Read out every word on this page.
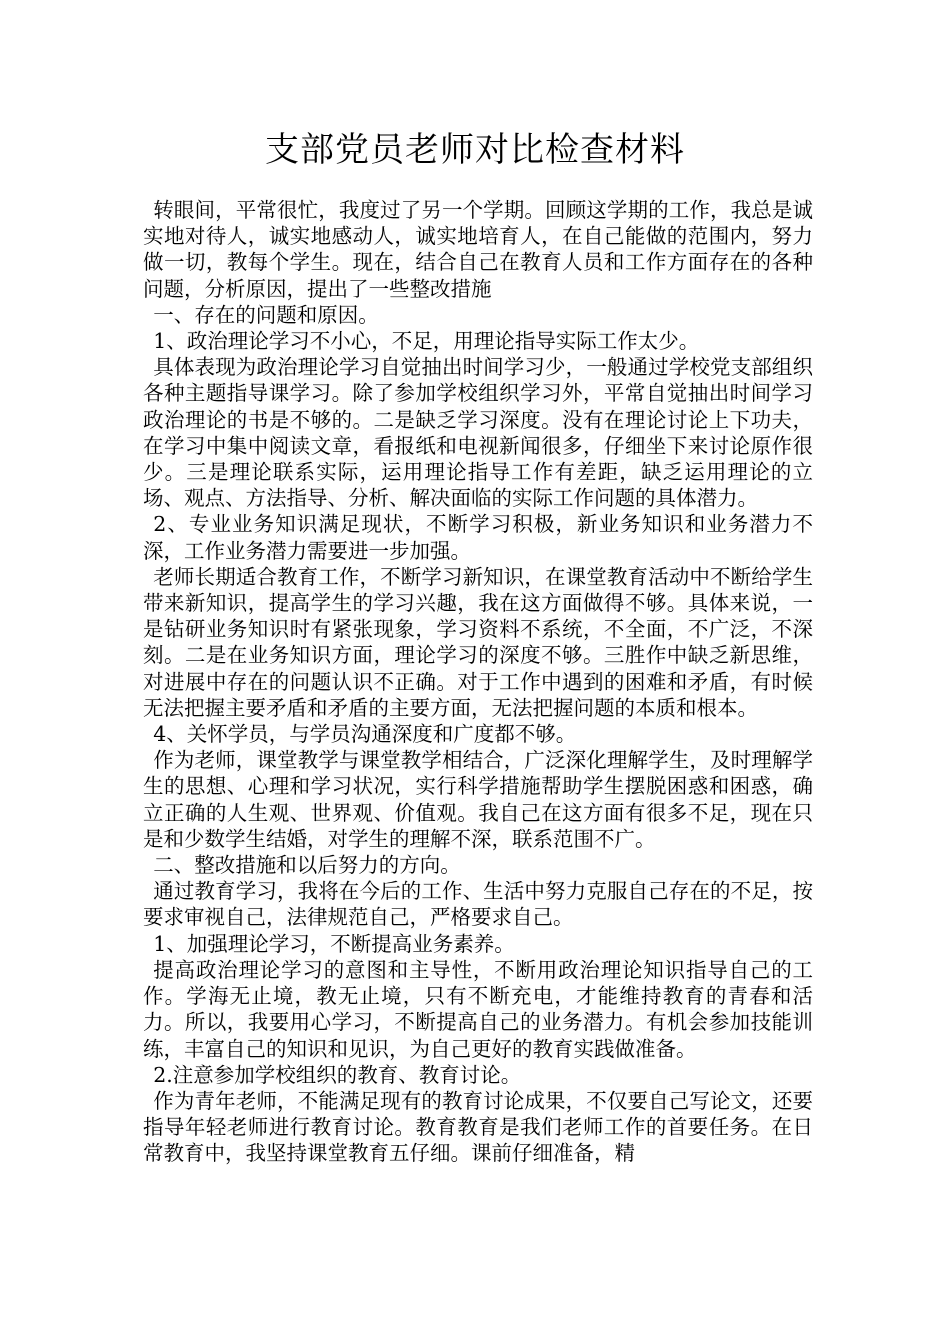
支部党员老师对比检查材料

转眼间，平常很忙，我度过了另一个学期。回顾这学期的工作，我总是诚实地对待人，诚实地感动人，诚实地培育人，在自己能做的范围内，努力做一切，教每个学生。现在，结合自己在教育人员和工作方面存在的各种问题，分析原因，提出了一些整改措施

一、存在的问题和原因。

1、政治理论学习不小心，不足，用理论指导实际工作太少。

具体表现为政治理论学习自觉抽出时间学习少，一般通过学校党支部组织各种主题指导课学习。除了参加学校组织学习外，平常自觉抽出时间学习政治理论的书是不够的。二是缺乏学习深度。没有在理论讨论上下功夫，在学习中集中阅读文章，看报纸和电视新闻很多，仔细坐下来讨论原作很少。三是理论联系实际，运用理论指导工作有差距，缺乏运用理论的立场、观点、方法指导、分析、解决面临的实际工作问题的具体潜力。

2、专业业务知识满足现状，不断学习积极，新业务知识和业务潜力不深，工作业务潜力需要进一步加强。

老师长期适合教育工作，不断学习新知识，在课堂教育活动中不断给学生带来新知识，提高学生的学习兴趣，我在这方面做得不够。具体来说，一是钻研业务知识时有紧张现象，学习资料不系统，不全面，不广泛，不深刻。二是在业务知识方面，理论学习的深度不够。三胜作中缺乏新思维，对进展中存在的问题认识不正确。对于工作中遇到的困难和矛盾，有时候无法把握主要矛盾和矛盾的主要方面，无法把握问题的本质和根本。

4、关怀学员，与学员沟通深度和广度都不够。

作为老师，课堂教学与课堂教学相结合，广泛深化理解学生，及时理解学生的思想、心理和学习状况，实行科学措施帮助学生摆脱困惑和困惑，确立正确的人生观、世界观、价值观。我自己在这方面有很多不足，现在只是和少数学生结婚，对学生的理解不深，联系范围不广。

二、整改措施和以后努力的方向。

通过教育学习，我将在今后的工作、生活中努力克服自己存在的不足，按要求审视自己，法律规范自己，严格要求自己。

1、加强理论学习，不断提高业务素养。

提高政治理论学习的意图和主导性，不断用政治理论知识指导自己的工作。学海无止境，教无止境，只有不断充电，才能维持教育的青春和活力。所以，我要用心学习，不断提高自己的业务潜力。有机会参加技能训练，丰富自己的知识和见识，为自己更好的教育实践做准备。

2.注意参加学校组织的教育、教育讨论。

作为青年老师，不能满足现有的教育讨论成果，不仅要自己写论文，还要指导年轻老师进行教育讨论。教育教育是我们老师工作的首要任务。在日常教育中，我坚持课堂教育五仔细。课前仔细准备，精
